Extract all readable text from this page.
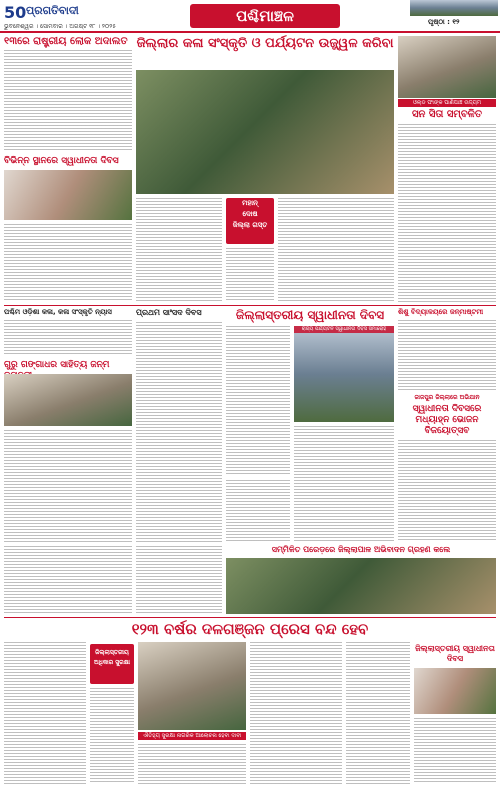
50 ପ୍ରଗତିବାଦୀ
ଭୁବନେଶ୍ୱର । ସୋମବାର । ଅଗଷ୍ଟ ୧୮ । ୨୦୨୫
ପଶ୍ଚିମାଞ୍ଚଳ	ପୃଷ୍ଠା : ୧୨
୧୩ରେ ରାଷ୍ଟ୍ରୀୟ ଲୋକ ଅଦାଲତ ଜିଲ୍ଲାର କଳା ସଂସ୍କୃତି ଓ ପର୍ଯ୍ୟଟନ ଉଜ୍ଜ୍ୱଳ କରିବା
ଓଲ୍ଡ ଫାଙ୍କ ପାଣିପାଞ୍ଚ ଉଦ୍ଦ୍ୟମ
ସନ ସିତା ସମ୍ବଳିତ
ବିଭିନ୍ନ ସ୍ଥାନରେ ସ୍ୱାଧୀନତା ଦିବସ
ମହାନ୍
ଦୋଷ
ଜିଲ୍ଲା ଗସ୍ତ
ପଶ୍ଚିମ ଓଡ଼ିଶା କଳା, କଳା ସଂସ୍କୃତି ନ୍ୟାସ
ଗୁରୁ ଗଙ୍ଗାଧର ସାହିତ୍ୟ ଜନ୍ମ
ପ୍ରଥମ ସାଂସଦ ଦିବସ	ଜିଲ୍ଲାସ୍ତରୀୟ ସ୍ୱାଧୀନତା ଦିବସ
ରାଜ୍ୟ ପର୍ଯ୍ୟଟନ ସ୍ୱାଧୀନତା ଦିବସ ସମାରୋହ
ଶିଶୁ ବିଦ୍ୟାଳୟରେ ଜନ୍ମାଷ୍ଟମୀ
ଜାଜପୁର ଜିଲ୍ଲାରେ ଅଭିଯାନ
ସ୍ୱାଧୀନତା ଦିବସରେ ମଧ୍ୟାହ୍ନ ଭୋଜନ ବିଜୟୋତ୍ସବ
ସମ୍ମିଳିତ ପରେଡ଼ରେ ଜିଲ୍ଲାପାଳ ଅଭିବାଦନ ଗ୍ରହଣ କଲେ
୧୨୩ ବର୍ଷର ଦଳଗଞ୍ଜନ ପ୍ରେସ ବନ୍ଦ ହେବ
ଜିଲ୍ଲାସ୍ତରୀୟ ଅଧିକାର ସୁରକ୍ଷା
ଐତିହ୍ୟ ସୁରକ୍ଷା ନାଗରିକ ଆଲୋଚନା ହେବା ଦାବୀ
ଜିଲ୍ଲାସ୍ତରୀୟ ସ୍ୱାଧୀନତା ଦିବସ
